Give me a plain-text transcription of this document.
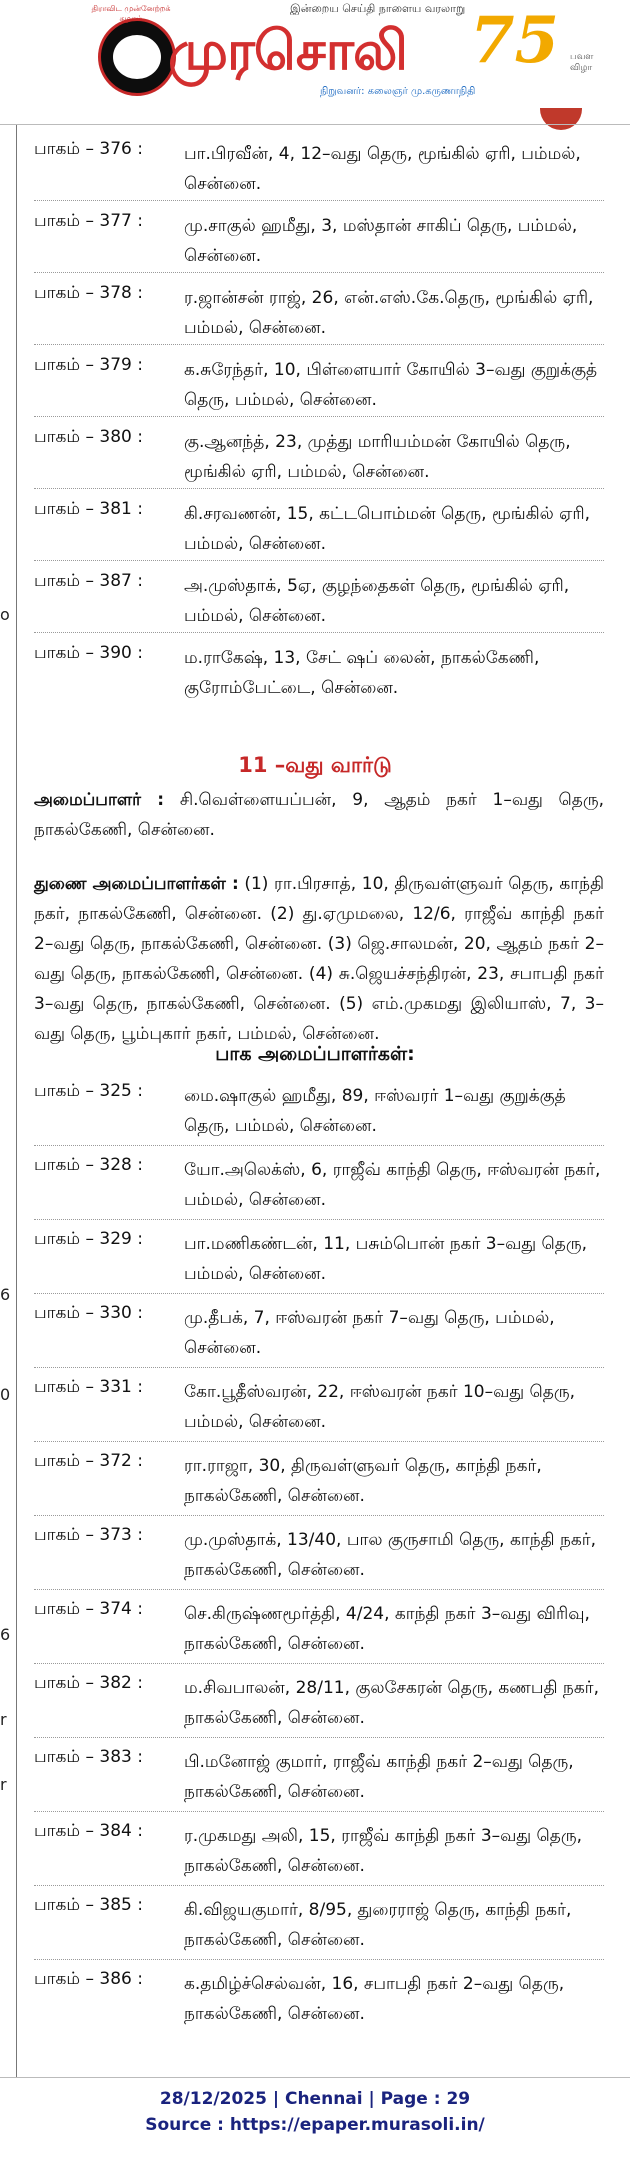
திராவிட முன்னேற்றக் கழகம்
இன்றைய செய்தி நாளைய வரலாறு
முரசொலி
நிறுவனர்: கலைஞர் மு.கருணாநிதி
75 பவள விழா
o
6
0
6
r
r
பாகம் – 376 : பா.பிரவீன், 4, 12–வது தெரு, மூங்கில் ஏரி, பம்மல், சென்னை.
பாகம் – 377 : மு.சாகுல் ஹமீது, 3, மஸ்தான் சாகிப் தெரு, பம்மல், சென்னை.
பாகம் – 378 : ர.ஜான்சன் ராஜ், 26, என்.எஸ்.கே.தெரு, மூங்கில் ஏரி, பம்மல், சென்னை.
பாகம் – 379 : க.சுரேந்தர், 10, பிள்ளையார் கோயில் 3–வது குறுக்குத் தெரு, பம்மல், சென்னை.
பாகம் – 380 : கு.ஆனந்த், 23, முத்து மாரியம்மன் கோயில் தெரு, மூங்கில் ஏரி, பம்மல், சென்னை.
பாகம் – 381 : கி.சரவணன், 15, கட்டபொம்மன் தெரு, மூங்கில் ஏரி, பம்மல், சென்னை.
பாகம் – 387 : அ.முஸ்தாக், 5ஏ, குழந்தைகள் தெரு, மூங்கில் ஏரி, பம்மல், சென்னை.
பாகம் – 390 : ம.ராகேஷ், 13, சேட் ஷப் லைன், நாகல்கேணி, குரோம்பேட்டை, சென்னை.
11 –வது வார்டு
அமைப்பாளர் : சி.வெள்ளையப்பன், 9, ஆதம் நகர் 1–வது தெரு, நாகல்கேணி, சென்னை.
துணை அமைப்பாளர்கள் : (1) ரா.பிரசாத், 10, திருவள்ளுவர் தெரு, காந்தி நகர், நாகல்கேணி, சென்னை. (2) து.ஏமுமலை, 12/6, ராஜீவ் காந்தி நகர் 2–வது தெரு, நாகல்கேணி, சென்னை. (3) ஜெ.சாலமன், 20, ஆதம் நகர் 2–வது தெரு, நாகல்கேணி, சென்னை. (4) சு.ஜெயச்சந்திரன், 23, சபாபதி நகர் 3–வது தெரு, நாகல்கேணி, சென்னை. (5) எம்.முகமது இலியாஸ், 7, 3–வது தெரு, பூம்புகார் நகர், பம்மல், சென்னை.
பாக அமைப்பாளர்கள்:
பாகம் – 325 : மை.ஷாகுல் ஹமீது, 89, ஈஸ்வரர் 1–வது குறுக்குத் தெரு, பம்மல், சென்னை.
பாகம் – 328 : யோ.அலெக்ஸ், 6, ராஜீவ் காந்தி தெரு, ஈஸ்வரன் நகர், பம்மல், சென்னை.
பாகம் – 329 : பா.மணிகண்டன், 11, பசும்பொன் நகர் 3–வது தெரு, பம்மல், சென்னை.
பாகம் – 330 : மு.தீபக், 7, ஈஸ்வரன் நகர் 7–வது தெரு, பம்மல், சென்னை.
பாகம் – 331 : கோ.பூதீஸ்வரன், 22, ஈஸ்வரன் நகர் 10–வது தெரு, பம்மல், சென்னை.
பாகம் – 372 : ரா.ராஜா, 30, திருவள்ளுவர் தெரு, காந்தி நகர், நாகல்கேணி, சென்னை.
பாகம் – 373 : மு.முஸ்தாக், 13/40, பால குருசாமி தெரு, காந்தி நகர், நாகல்கேணி, சென்னை.
பாகம் – 374 : செ.கிருஷ்ணமூர்த்தி, 4/24, காந்தி நகர் 3–வது விரிவு, நாகல்கேணி, சென்னை.
பாகம் – 382 : ம.சிவபாலன், 28/11, குலசேகரன் தெரு, கணபதி நகர், நாகல்கேணி, சென்னை.
பாகம் – 383 : பி.மனோஜ் குமார், ராஜீவ் காந்தி நகர் 2–வது தெரு, நாகல்கேணி, சென்னை.
பாகம் – 384 : ர.முகமது அலி, 15, ராஜீவ் காந்தி நகர் 3–வது தெரு, நாகல்கேணி, சென்னை.
பாகம் – 385 : கி.விஜயகுமார், 8/95, துரைராஜ் தெரு, காந்தி நகர், நாகல்கேணி, சென்னை.
பாகம் – 386 : க.தமிழ்ச்செல்வன், 16, சபாபதி நகர் 2–வது தெரு, நாகல்கேணி, சென்னை.
28/12/2025 | Chennai | Page : 29
Source : https://epaper.murasoli.in/
